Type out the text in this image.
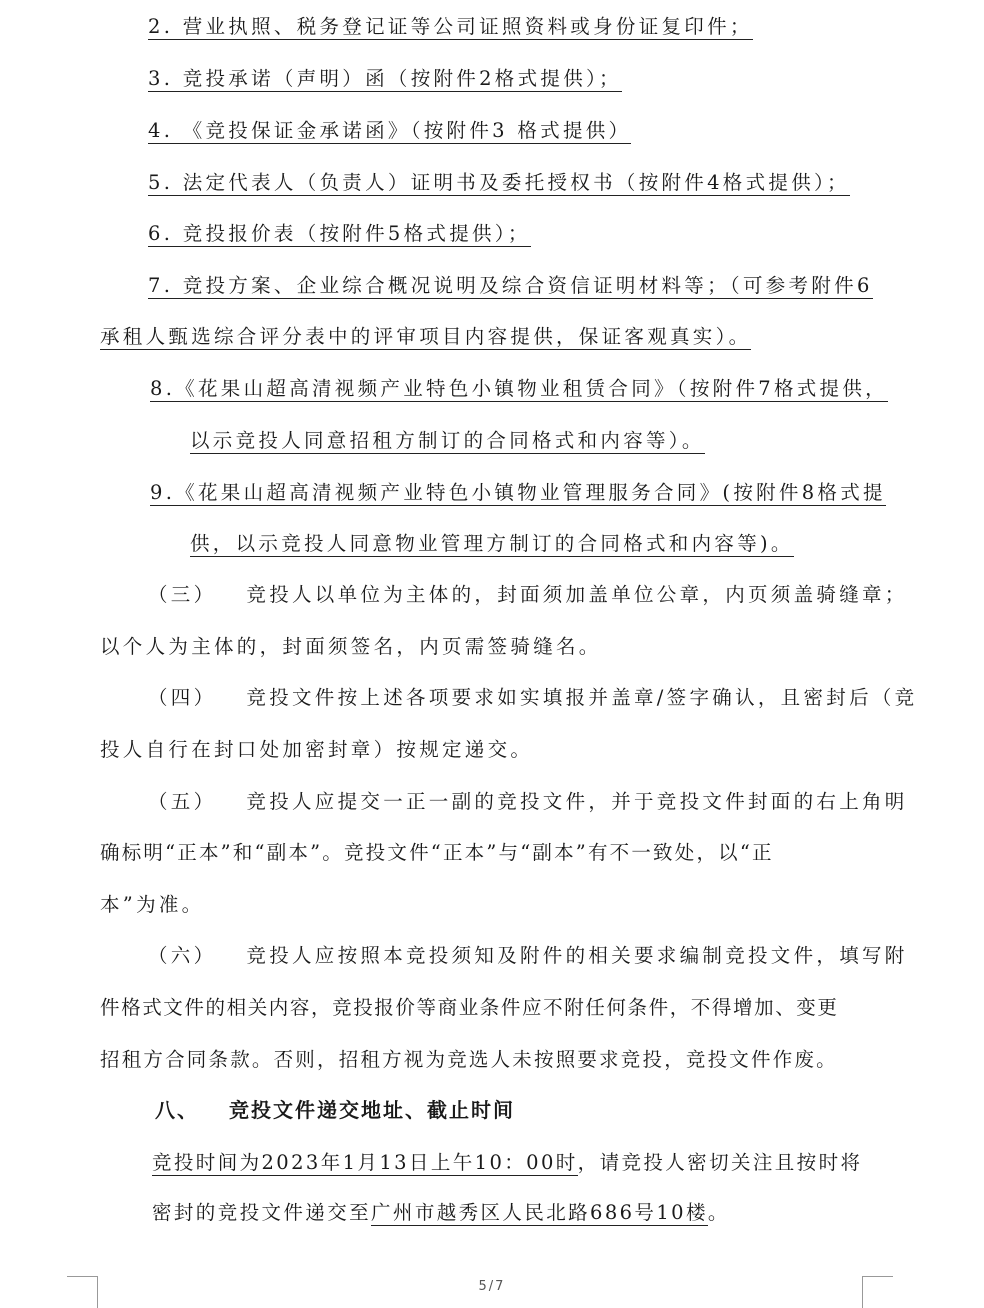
2. 营业执照、税务登记证等公司证照资料或身份证复印件；
3. 竞投承诺（声明）函（按附件2格式提供）；
4. 《竞投保证金承诺函》（按附件3 格式提供）
5. 法定代表人（负责人）证明书及委托授权书（按附件4格式提供）；
6. 竞投报价表（按附件5格式提供）；
7. 竞投方案、企业综合概况说明及综合资信证明材料等；（可参考附件6
承租人甄选综合评分表中的评审项目内容提供，保证客观真实）。
8.《花果山超高清视频产业特色小镇物业租赁合同》（按附件7格式提供，
以示竞投人同意招租方制订的合同格式和内容等）。
9.《花果山超高清视频产业特色小镇物业管理服务合同》(按附件8格式提
供，以示竞投人同意物业管理方制订的合同格式和内容等)。
（三） 竞投人以单位为主体的，封面须加盖单位公章，内页须盖骑缝章；
以个人为主体的，封面须签名，内页需签骑缝名。
（四） 竞投文件按上述各项要求如实填报并盖章/签字确认，且密封后（竞
投人自行在封口处加密封章）按规定递交。
（五） 竞投人应提交一正一副的竞投文件，并于竞投文件封面的右上角明
确标明“正本”和“副本”。竞投文件“正本”与“副本”有不一致处，以“正
本”为准。
（六） 竞投人应按照本竞投须知及附件的相关要求编制竞投文件，填写附
件格式文件的相关内容，竞投报价等商业条件应不附任何条件，不得增加、变更
招租方合同条款。否则，招租方视为竞选人未按照要求竞投，竞投文件作废。
八、 竞投文件递交地址、截止时间
竞投时间为2023年1月13日上午10：00时，请竞投人密切关注且按时将
密封的竞投文件递交至广州市越秀区人民北路686号10楼。
5/7
